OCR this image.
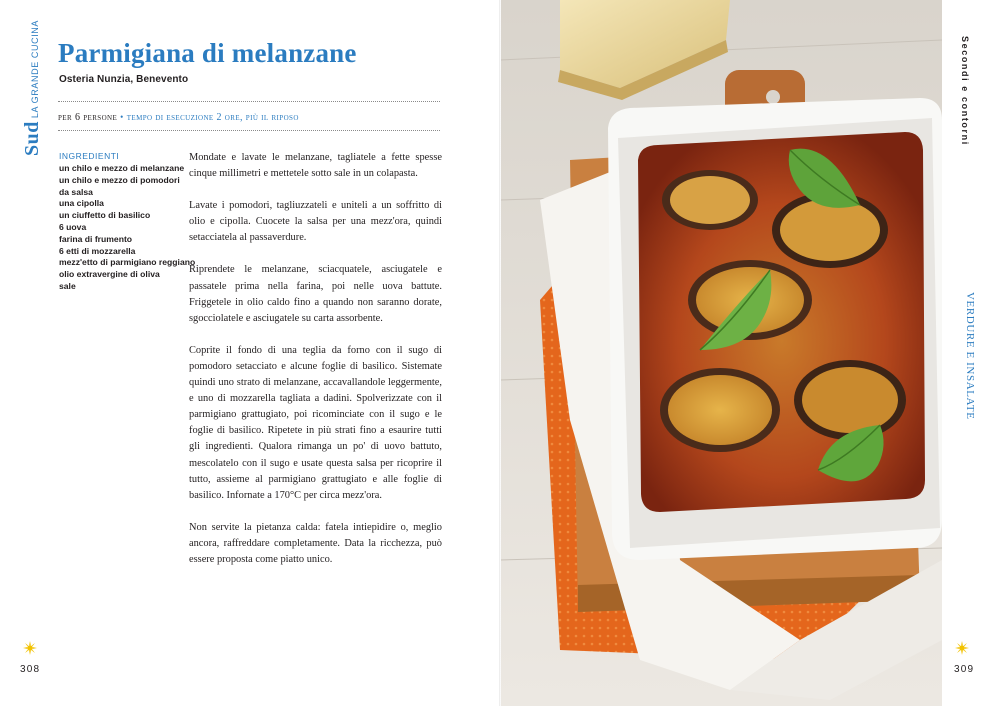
Sud
LA GRANDE CUCINA Parmigiana di melanzane
Osteria Nunzia, Benevento
per 6 persone • tempo di esecuzione 2 ore, più il riposo
INGREDIENTI
un chilo e mezzo di melanzane
un chilo e mezzo di pomodori
da salsa
una cipolla
un ciuffetto di basilico
6 uova
farina di frumento
6 etti di mozzarella
mezz'etto di parmigiano reggiano
olio extravergine di oliva
sale

Mondate e lavate le melanzane, tagliatele a fette spesse cinque millimetri e mettetele sotto sale in un colapasta.

Lavate i pomodori, tagliuzzateli e uniteli a un soffritto di olio e cipolla. Cuocete la salsa per una mezz'ora, quindi setacciatela al passaverdure.

Riprendete le melanzane, sciacquatele, asciugatele e passatele prima nella farina, poi nelle uova battute. Friggetele in olio caldo fino a quando non saranno dorate, sgocciolatele e asciugatele su carta assorbente.

Coprite il fondo di una teglia da forno con il sugo di pomodoro setacciato e alcune foglie di basilico. Sistemate quindi uno strato di melanzane, accavallandole leggermente, e uno di mozzarella tagliata a dadini. Spolverizzate con il parmigiano grattugiato, poi ricominciate con il sugo e le foglie di basilico. Ripetete in più strati fino a esaurire tutti gli ingredienti. Qualora rimanga un po' di uovo battuto, mescolatelo con il sugo e usate questa salsa per ricoprire il tutto, assieme al parmigiano grattugiato e alle foglie di basilico. Infornate a 170°C per circa mezz'ora.

Non servite la pietanza calda: fatela intiepidire o, meglio ancora, raffreddare completamente. Data la ricchezza, può essere proposta come piatto unico.

308
Secondi e contorni
VERDURE E INSALATE
309
